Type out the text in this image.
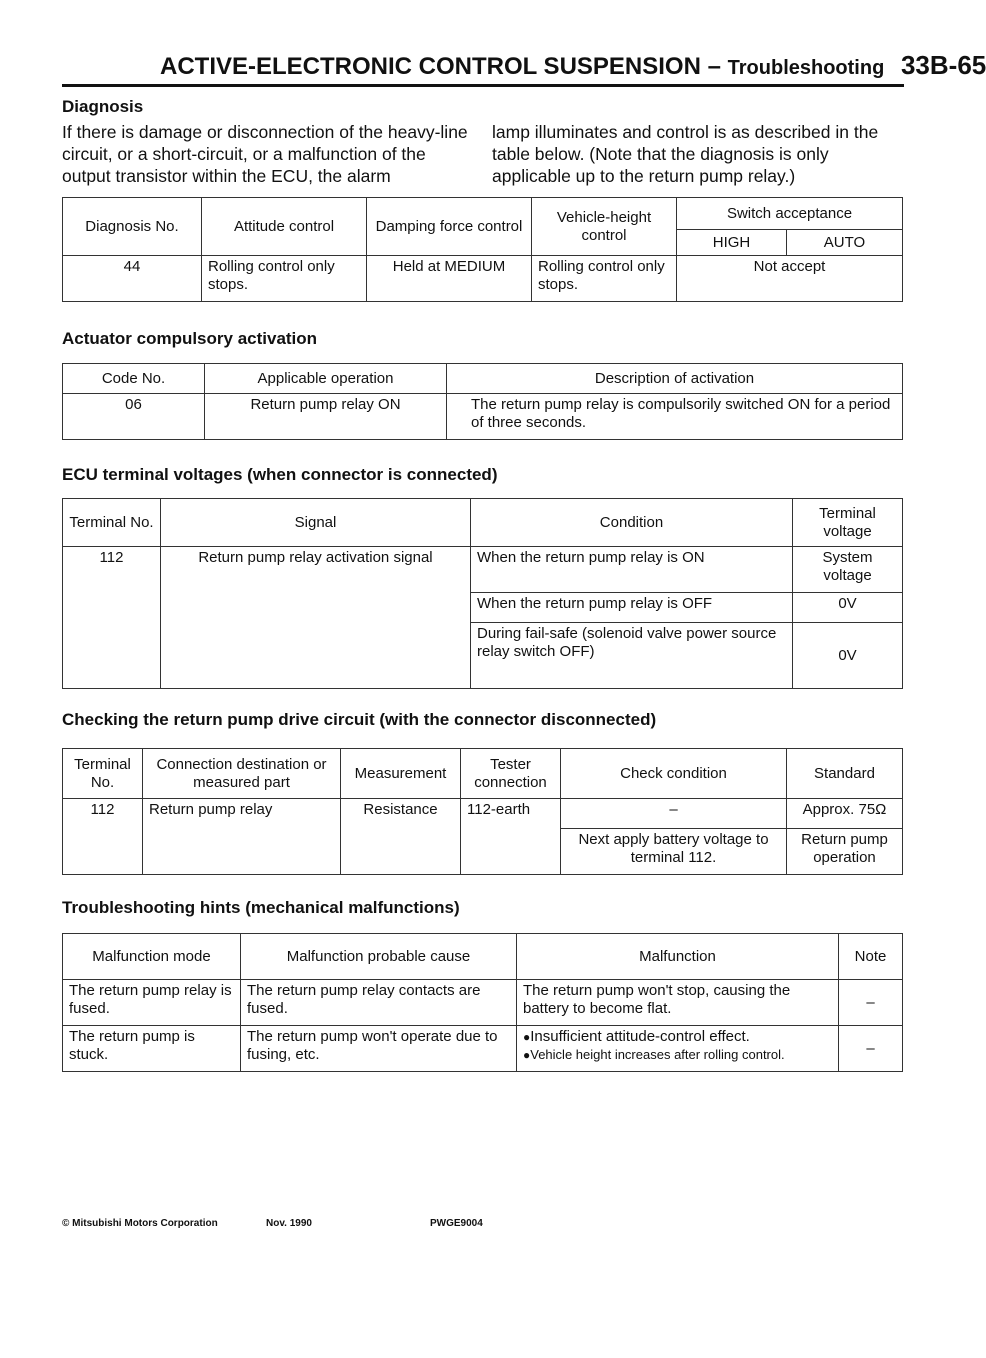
ACTIVE-ELECTRONIC CONTROL SUSPENSION – Troubleshooting 33B-65
Diagnosis
If there is damage or disconnection of the heavy-line circuit, or a short-circuit, or a malfunction of the output transistor within the ECU, the alarm
lamp illuminates and control is as described in the table below. (Note that the diagnosis is only applicable up to the return pump relay.)
Diagnosis No.	Attitude control	Damping force control	Vehicle-height control	Switch acceptance	
				HIGH	AUTO
44	Rolling control only stops.	Held at MEDIUM	Rolling control only stops.	Not accept	
Actuator compulsory activation
Code No.	Applicable operation	Description of activation
06	Return pump relay ON	The return pump relay is compulsorily switched ON for a period of three seconds.
ECU terminal voltages (when connector is connected)
Terminal No.	Signal	Condition	Terminal voltage
112	Return pump relay activation signal	When the return pump relay is ON	System voltage
		When the return pump relay is OFF	0V
		During fail-safe (solenoid valve power source relay switch OFF)	0V
Checking the return pump drive circuit (with the connector disconnected)
Terminal No.	Connection destination or measured part	Measurement	Tester connection	Check condition	Standard
112	Return pump relay	Resistance	112-earth	–	Approx. 75Ω
				Next apply battery voltage to terminal 112.	Return pump operation
Troubleshooting hints (mechanical malfunctions)
Malfunction mode	Malfunction probable cause	Malfunction	Note
The return pump relay is fused.	The return pump relay contacts are fused.	The return pump won't stop, causing the battery to become flat.	–
The return pump is stuck.	The return pump won't operate due to fusing, etc.	● Insufficient attitude-control effect.
● Vehicle height increases after rolling control.	–
© Mitsubishi Motors Corporation	Nov. 1990	PWGE9004
